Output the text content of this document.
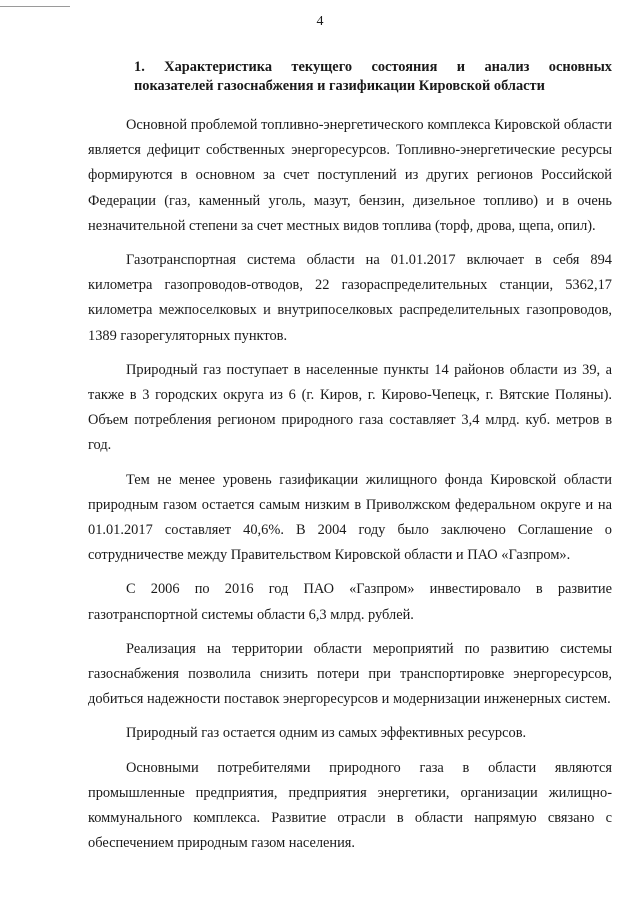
4
1. Характеристика текущего состояния и анализ основных
показателей газоснабжения и газификации Кировской области

Основной проблемой топливно-энергетического комплекса Кировской области является дефицит собственных энергоресурсов. Топливно-энергетические ресурсы формируются в основном за счет поступлений из других регионов Российской Федерации (газ, каменный уголь, мазут, бензин, дизельное топливо) и в очень незначительной степени за счет местных видов топлива (торф, дрова, щепа, опил).

Газотранспортная система области на 01.01.2017 включает в себя 894 километра газопроводов-отводов, 22 газораспределительных станции, 5362,17 километра межпоселковых и внутрипоселковых распределительных газопроводов, 1389 газорегуляторных пунктов.

Природный газ поступает в населенные пункты 14 районов области из 39, а также в 3 городских округа из 6 (г. Киров, г. Кирово-Чепецк, г. Вятские Поляны). Объем потребления регионом природного газа составляет 3,4 млрд. куб. метров в год.

Тем не менее уровень газификации жилищного фонда Кировской области природным газом остается самым низким в Приволжском федеральном округе и на 01.01.2017 составляет 40,6%. В 2004 году было заключено Соглашение о сотрудничестве между Правительством Кировской области и ПАО «Газпром».

С 2006 по 2016 год ПАО «Газпром» инвестировало в развитие газотранспортной системы области 6,3 млрд. рублей.

Реализация на территории области мероприятий по развитию системы газоснабжения позволила снизить потери при транспортировке энергоресурсов, добиться надежности поставок энергоресурсов и модернизации инженерных систем.

Природный газ остается одним из самых эффективных ресурсов.

Основными потребителями природного газа в области являются промышленные предприятия, предприятия энергетики, организации жилищно-коммунального комплекса. Развитие отрасли в области напрямую связано с обеспечением природным газом населения.
